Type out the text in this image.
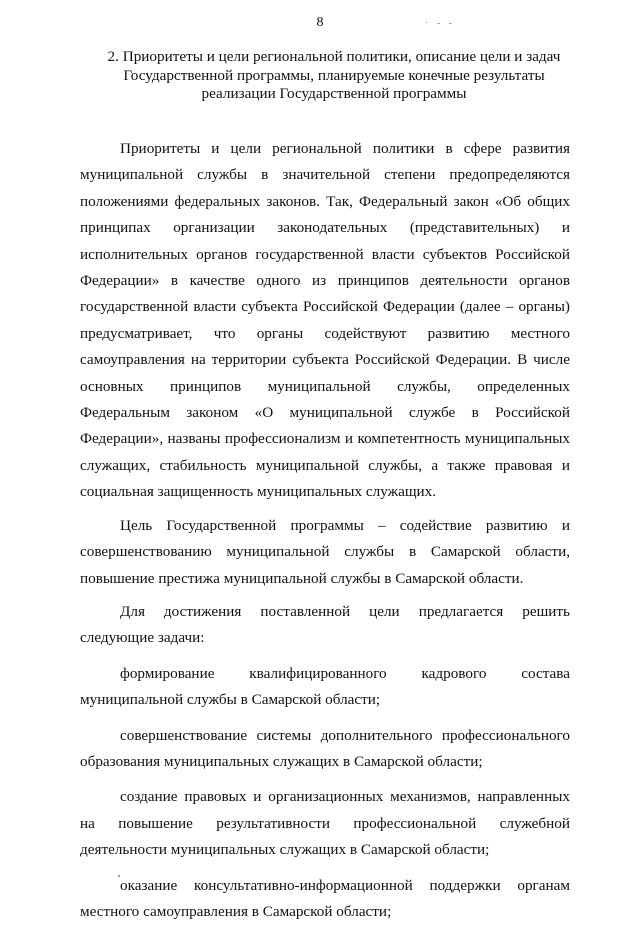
8	· - -
2. Приоритеты и цели региональной политики, описание цели и задач Государственной программы, планируемые конечные результаты реализации Государственной программы

Приоритеты и цели региональной политики в сфере развития муниципальной службы в значительной степени предопределяются положениями федеральных законов. Так, Федеральный закон «Об общих принципах организации законодательных (представительных) и исполнительных органов государственной власти субъектов Российской Федерации» в качестве одного из принципов деятельности органов государственной власти субъекта Российской Федерации (далее – органы) предусматривает, что органы содействуют развитию местного самоуправления на территории субъекта Российской Федерации. В числе основных принципов муниципальной службы, определенных Федеральным законом «О муниципальной службе в Российской Федерации», названы профессионализм и компетентность муниципальных служащих, стабильность муниципальной службы, а также правовая и социальная защищенность муниципальных служащих.

Цель Государственной программы – содействие развитию и совершенствованию муниципальной службы в Самарской области, повышение престижа муниципальной службы в Самарской области.

Для достижения поставленной цели предлагается решить следующие задачи:

формирование квалифицированного кадрового состава муниципальной службы в Самарской области;

совершенствование системы дополнительного профессионального образования муниципальных служащих в Самарской области;

создание правовых и организационных механизмов, направленных на повышение результативности профессиональной служебной деятельности муниципальных служащих в Самарской области;

оказание консультативно-информационной поддержки органам местного самоуправления в Самарской области;
